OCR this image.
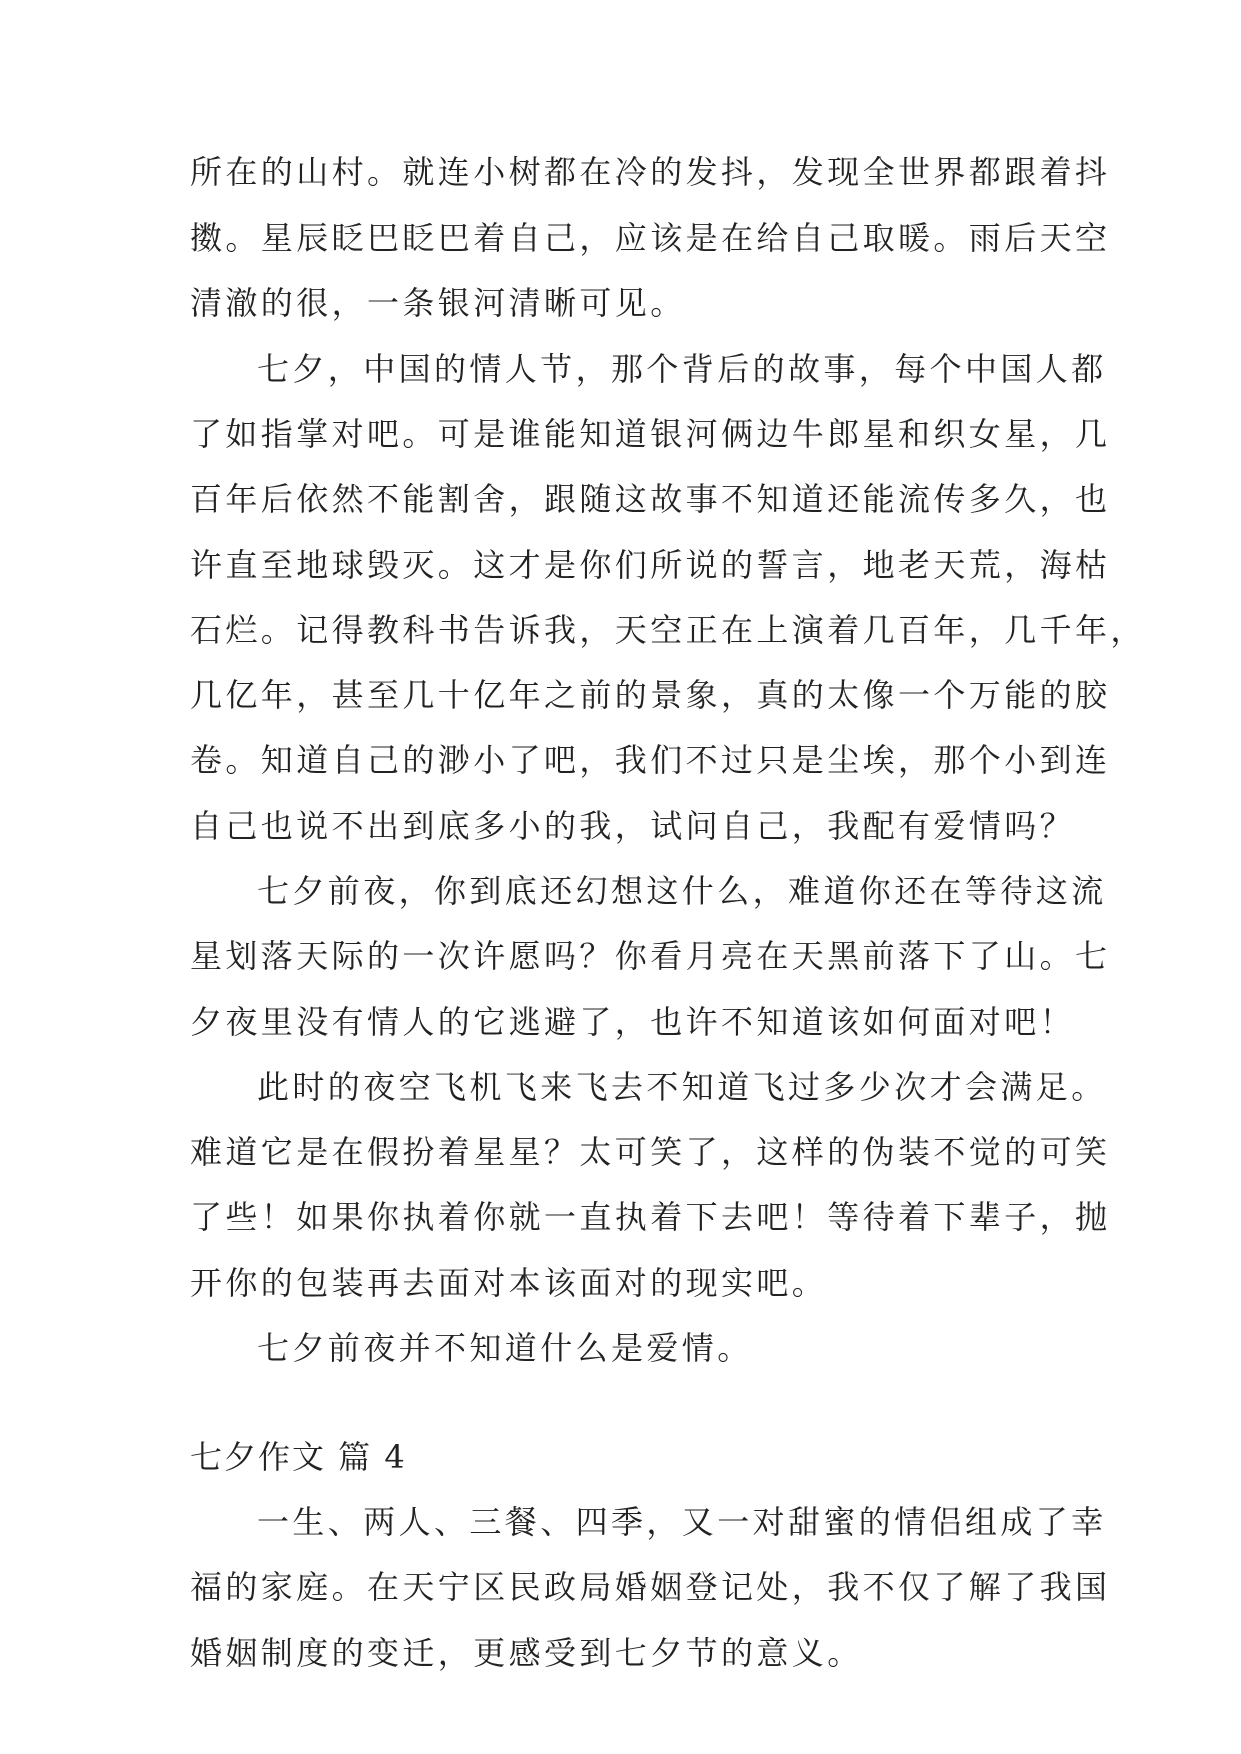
所在的山村。就连小树都在冷的发抖，发现全世界都跟着抖
擞。星辰眨巴眨巴着自己，应该是在给自己取暖。雨后天空
清澈的很，一条银河清晰可见。
七夕，中国的情人节，那个背后的故事，每个中国人都
了如指掌对吧。可是谁能知道银河俩边牛郎星和织女星，几
百年后依然不能割舍，跟随这故事不知道还能流传多久，也
许直至地球毁灭。这才是你们所说的誓言，地老天荒，海枯
石烂。记得教科书告诉我，天空正在上演着几百年，几千年，
几亿年，甚至几十亿年之前的景象，真的太像一个万能的胶
卷。知道自己的渺小了吧，我们不过只是尘埃，那个小到连
自己也说不出到底多小的我，试问自己，我配有爱情吗？
七夕前夜，你到底还幻想这什么，难道你还在等待这流
星划落天际的一次许愿吗？你看月亮在天黑前落下了山。七
夕夜里没有情人的它逃避了，也许不知道该如何面对吧！
此时的夜空飞机飞来飞去不知道飞过多少次才会满足。
难道它是在假扮着星星？太可笑了，这样的伪装不觉的可笑
了些！如果你执着你就一直执着下去吧！等待着下辈子，抛
开你的包装再去面对本该面对的现实吧。
七夕前夜并不知道什么是爱情。
七夕作文 篇 4
一生、两人、三餐、四季，又一对甜蜜的情侣组成了幸
福的家庭。在天宁区民政局婚姻登记处，我不仅了解了我国
婚姻制度的变迁，更感受到七夕节的意义。
